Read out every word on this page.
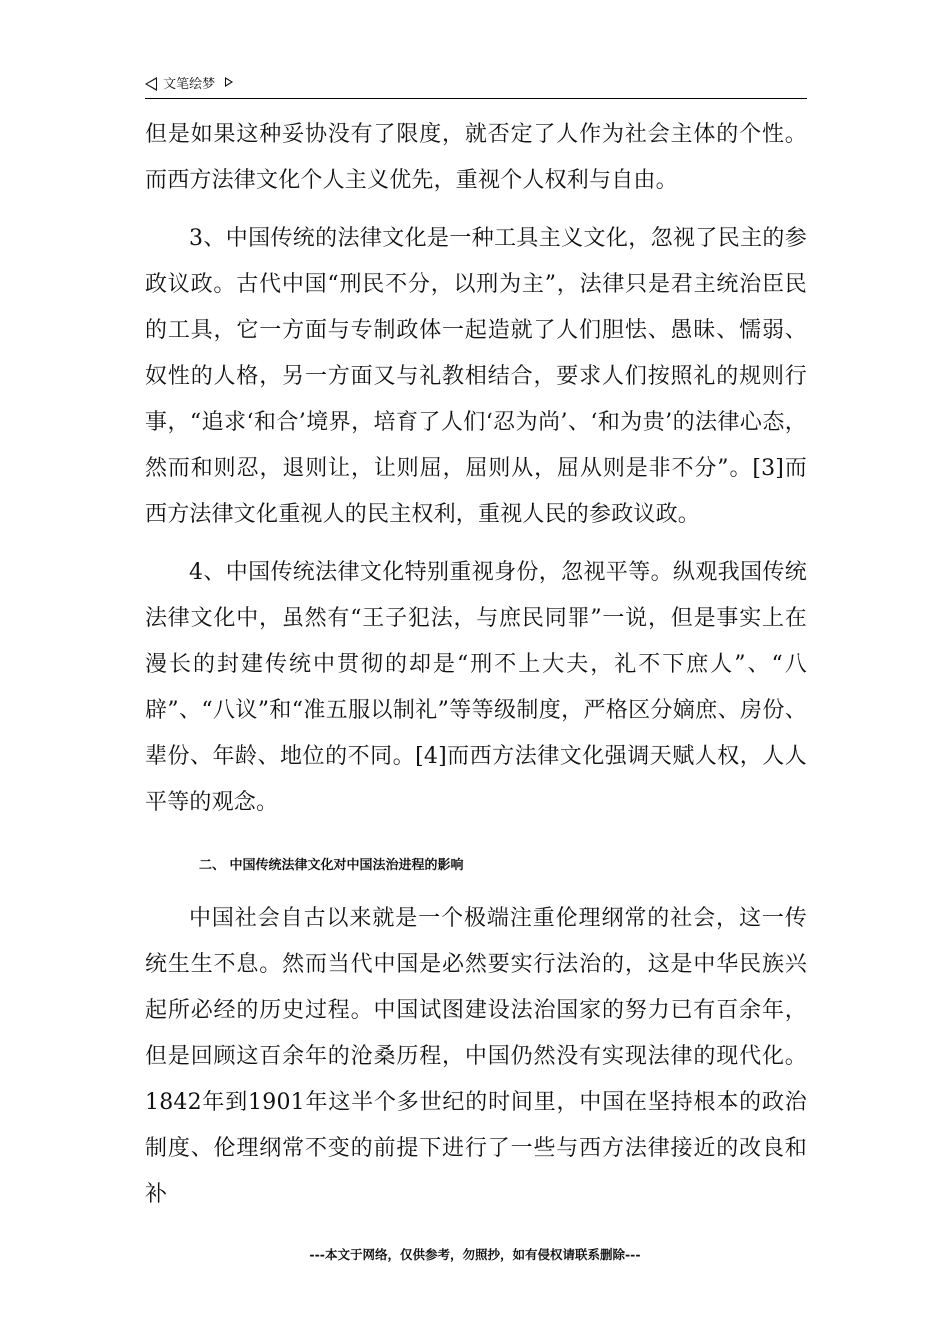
文笔绘梦

但是如果这种妥协没有了限度，就否定了人作为社会主体的个性。而西方法律文化个人主义优先，重视个人权利与自由。

3、中国传统的法律文化是一种工具主义文化，忽视了民主的参政议政。古代中国“刑民不分，以刑为主”，法律只是君主统治臣民的工具，它一方面与专制政体一起造就了人们胆怯、愚昧、懦弱、奴性的人格，另一方面又与礼教相结合，要求人们按照礼的规则行事，“追求‘和合’境界，培育了人们‘忍为尚’、‘和为贵’的法律心态，然而和则忍，退则让，让则屈，屈则从，屈从则是非不分”。[3]而西方法律文化重视人的民主权利，重视人民的参政议政。

4、中国传统法律文化特别重视身份，忽视平等。纵观我国传统法律文化中，虽然有“王子犯法，与庶民同罪”一说，但是事实上在漫长的封建传统中贯彻的却是“刑不上大夫，礼不下庶人”、“八辟”、“八议”和“准五服以制礼”等等级制度，严格区分嫡庶、房份、辈份、年龄、地位的不同。[4]而西方法律文化强调天赋人权，人人平等的观念。

二、 中国传统法律文化对中国法治进程的影响

中国社会自古以来就是一个极端注重伦理纲常的社会，这一传统生生不息。然而当代中国是必然要实行法治的，这是中华民族兴起所必经的历史过程。中国试图建设法治国家的努力已有百余年，但是回顾这百余年的沧桑历程，中国仍然没有实现法律的现代化。1842年到1901年这半个多世纪的时间里，中国在坚持根本的政治制度、伦理纲常不变的前提下进行了一些与西方法律接近的改良和补

---本文于网络，仅供参考，勿照抄，如有侵权请联系删除---
